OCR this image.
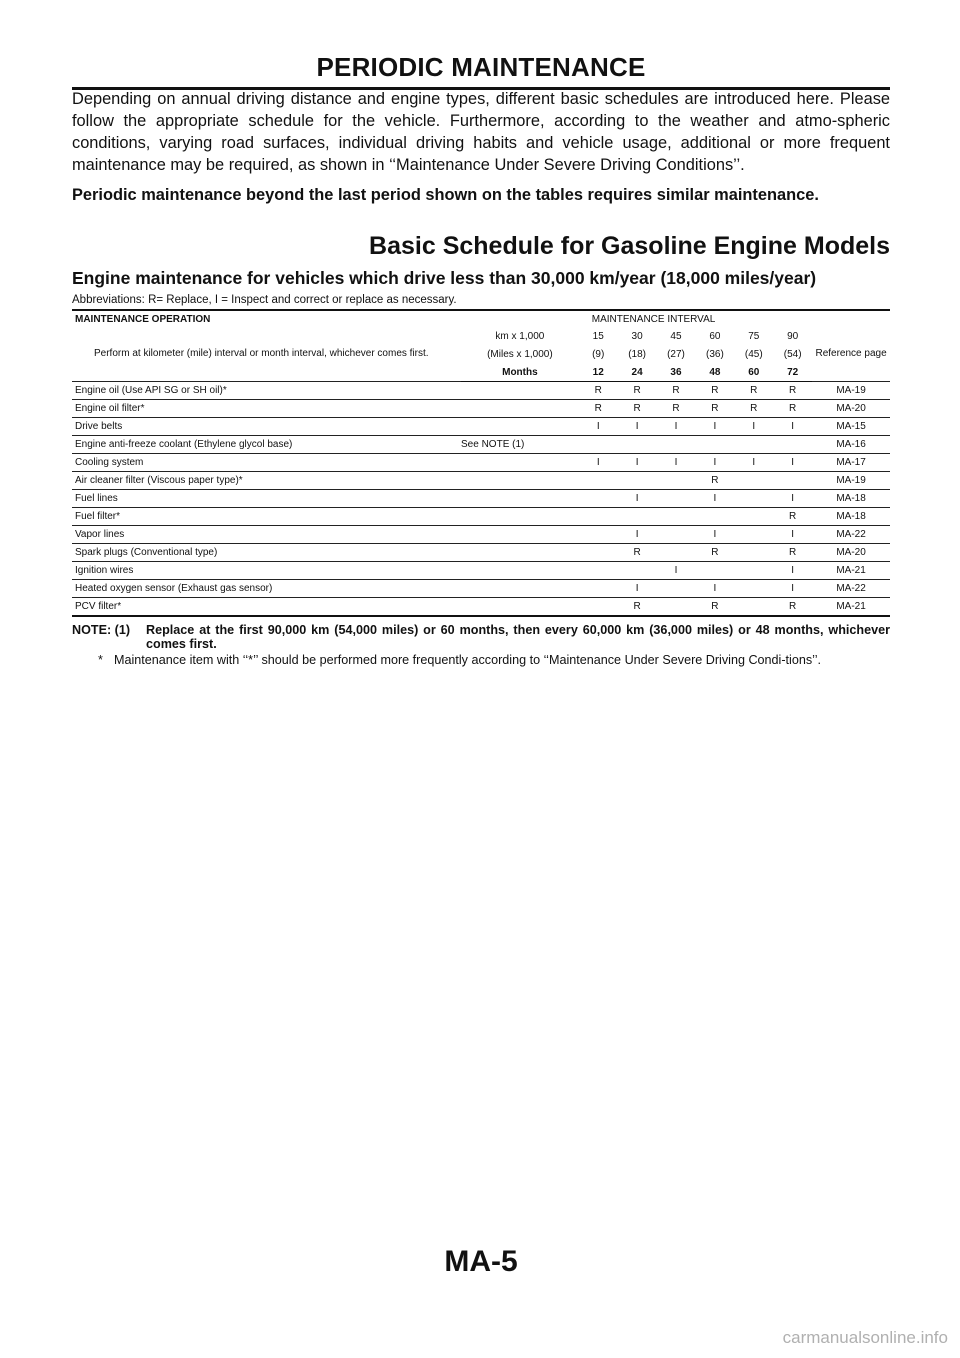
PERIODIC MAINTENANCE

Depending on annual driving distance and engine types, different basic schedules are introduced here. Please follow the appropriate schedule for the vehicle. Furthermore, according to the weather and atmo-spheric conditions, varying road surfaces, individual driving habits and vehicle usage, additional or more frequent maintenance may be required, as shown in ‘‘Maintenance Under Severe Driving Conditions’’.

Periodic maintenance beyond the last period shown on the tables requires similar maintenance.

Basic Schedule for Gasoline Engine Models
Engine maintenance for vehicles which drive less than 30,000 km/year (18,000 miles/year)
Abbreviations: R= Replace, I = Inspect and correct or replace as necessary.
MAINTENANCE OPERATION	MAINTENANCE INTERVAL							
Perform at kilometer (mile) interval or month interval, whichever comes first.	km x 1,000	15	30	45	60	75	90	Reference page
	(Miles x 1,000)	(9)	(18)	(27)	(36)	(45)	(54)	
	Months	12	24	36	48	60	72	
Engine oil (Use API SG or SH oil)*		R	R	R	R	R	R	MA-19
Engine oil filter*		R	R	R	R	R	R	MA-20
Drive belts		I	I	I	I	I	I	MA-15
Engine anti-freeze coolant (Ethylene glycol base)	See NOTE (1)							MA-16
Cooling system		I	I	I	I	I	I	MA-17
Air cleaner filter (Viscous paper type)*					R			MA-19
Fuel lines			I		I		I	MA-18
Fuel filter*							R	MA-18
Vapor lines			I		I		I	MA-22
Spark plugs (Conventional type)			R		R		R	MA-20
Ignition wires				I			I	MA-21
Heated oxygen sensor (Exhaust gas sensor)			I		I		I	MA-22
PCV filter*			R		R		R	MA-21
NOTE: (1)	Replace at the first 90,000 km (54,000 miles) or 60 months, then every 60,000 km (36,000 miles) or 48 months, whichever comes first.
* Maintenance item with ‘‘*’’ should be performed more frequently according to ‘‘Maintenance Under Severe Driving Condi-tions’’.
MA-5
carmanualsonline.info
